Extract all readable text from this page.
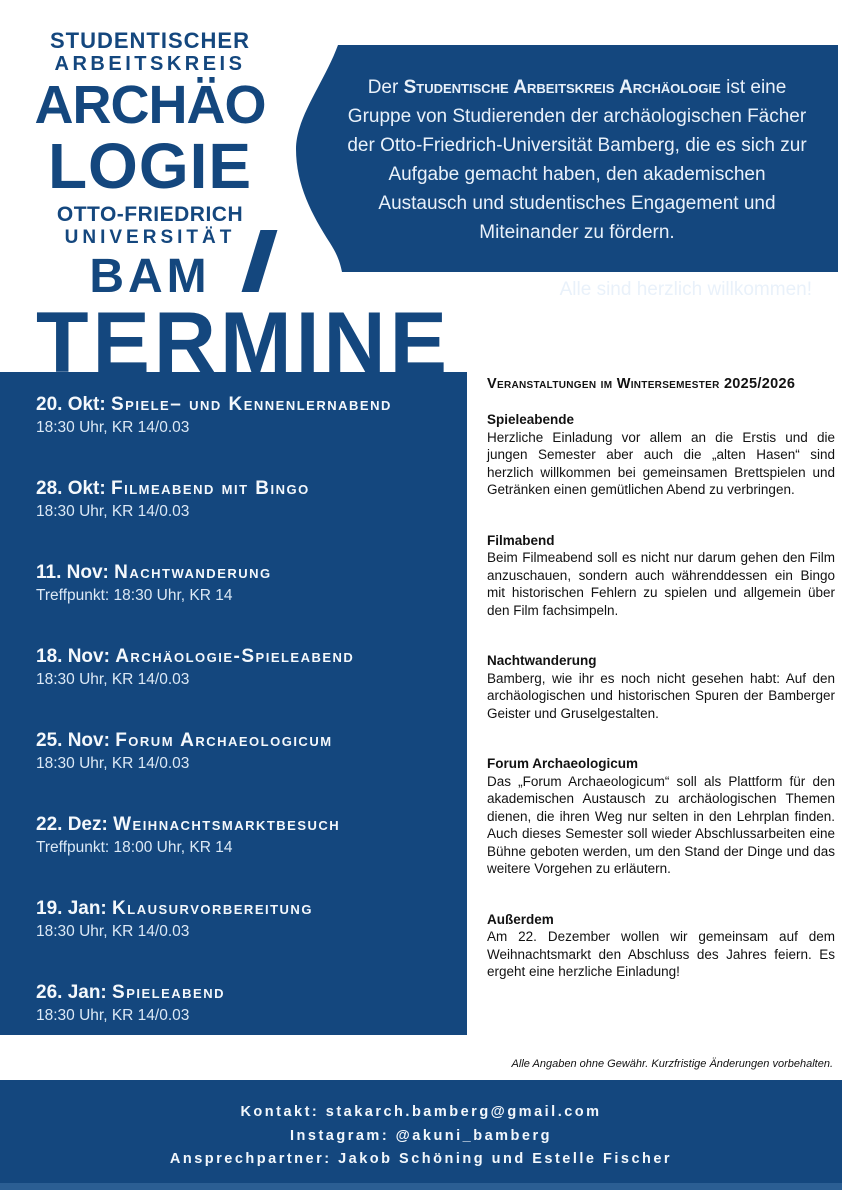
STUDENTISCHER
ARBEITSKREIS
ARCHÄO
LOGIE
OTTO-FRIEDRICH
UNIVERSITÄT
BAM
Der Studentische Arbeitskreis Archäologie ist eine Gruppe von Studierenden der archäologischen Fächer der Otto-Friedrich-Universität Bamberg, die es sich zur Aufgabe gemacht haben, den akademischen Austausch und studentisches Engagement und Miteinander zu fördern.
Alle sind herzlich willkommen!
TERMINE
20. Okt: Spiele– und Kennenlernabend
18:30 Uhr, KR 14/0.03
28. Okt: Filmeabend mit Bingo
18:30 Uhr, KR 14/0.03
11. Nov: Nachtwanderung
Treffpunkt: 18:30 Uhr, KR 14
18. Nov: Archäologie-Spieleabend
18:30 Uhr, KR 14/0.03
25. Nov: Forum Archaeologicum
18:30 Uhr, KR 14/0.03
22. Dez: Weihnachtsmarktbesuch
Treffpunkt: 18:00 Uhr, KR 14
19. Jan: Klausurvorbereitung
18:30 Uhr, KR 14/0.03
26. Jan: Spieleabend
18:30 Uhr, KR 14/0.03
Veranstaltungen im Wintersemester 2025/2026
Spieleabende
Herzliche Einladung vor allem an die Erstis und die jungen Semester aber auch die „alten Hasen“ sind herzlich willkommen bei gemeinsamen Brettspielen und Getränken einen gemütlichen Abend zu verbringen.
Filmabend
Beim Filmeabend soll es nicht nur darum gehen den Film anzuschauen, sondern auch währenddessen ein Bingo mit historischen Fehlern zu spielen und allgemein über den Film fachsimpeln.
Nachtwanderung
Bamberg, wie ihr es noch nicht gesehen habt: Auf den archäologischen und historischen Spuren der Bamberger Geister und Gruselgestalten.
Forum Archaeologicum
Das „Forum Archaeologicum“ soll als Plattform für den akademischen Austausch zu archäologischen Themen dienen, die ihren Weg nur selten in den Lehrplan finden. Auch dieses Semester soll wieder Abschlussarbeiten eine Bühne geboten werden, um den Stand der Dinge und das weitere Vorgehen zu erläutern.
Außerdem
Am 22. Dezember wollen wir gemeinsam auf dem Weihnachtsmarkt den Abschluss des Jahres feiern. Es ergeht eine herzliche Einladung!
Alle Angaben ohne Gewähr. Kurzfristige Änderungen vorbehalten.
Kontakt: stakarch.bamberg@gmail.com
Instagram: @akuni_bamberg
Ansprechpartner: Jakob Schöning und Estelle Fischer
